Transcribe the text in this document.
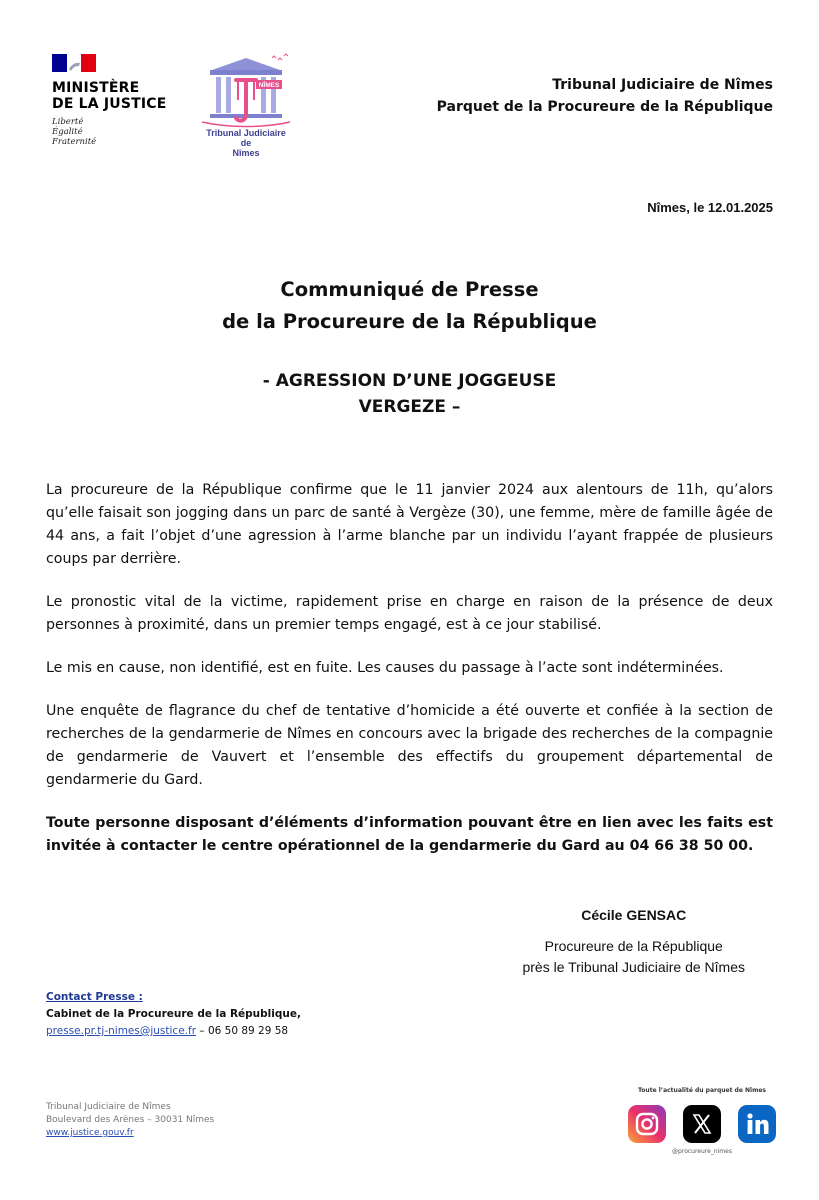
MINISTÈRE
DE LA JUSTICE
Liberté
Égalité
Fraternité
NÎMES
Tribunal Judiciaire
de
Nîmes
Tribunal Judiciaire de Nîmes
Parquet de la Procureure de la République
Nîmes, le 12.01.2025
Communiqué de Presse
de la Procureure de la République
- AGRESSION D’UNE JOGGEUSE
VERGEZE –

La procureure de la République confirme que le 11 janvier 2024 aux alentours de 11h, qu’alors qu’elle faisait son jogging dans un parc de santé à Vergèze (30), une femme, mère de famille âgée de 44 ans, a fait l’objet d’une agression à l’arme blanche par un individu l’ayant frappée de plusieurs coups par derrière.

Le pronostic vital de la victime, rapidement prise en charge en raison de la présence de deux personnes à proximité, dans un premier temps engagé, est à ce jour stabilisé.

Le mis en cause, non identifié, est en fuite. Les causes du passage à l’acte sont indéterminées.

Une enquête de flagrance du chef de tentative d’homicide a été ouverte et confiée à la section de recherches de la gendarmerie de Nîmes en concours avec la brigade des recherches de la compagnie de gendarmerie de Vauvert et l’ensemble des effectifs du groupement départemental de gendarmerie du Gard.

Toute personne disposant d’éléments d’information pouvant être en lien avec les faits est invitée à contacter le centre opérationnel de la gendarmerie du Gard au 04 66 38 50 00.

Cécile GENSAC
Procureure de la République
près le Tribunal Judiciaire de Nîmes
Contact Presse :
Cabinet de la Procureure de la République,
presse.pr.tj-nimes@justice.fr – 06 50 89 29 58
Tribunal Judiciaire de Nîmes
Boulevard des Arènes – 30031 Nîmes
www.justice.gouv.fr
Toute l’actualité du parquet de Nîmes
@procureure_nimes
